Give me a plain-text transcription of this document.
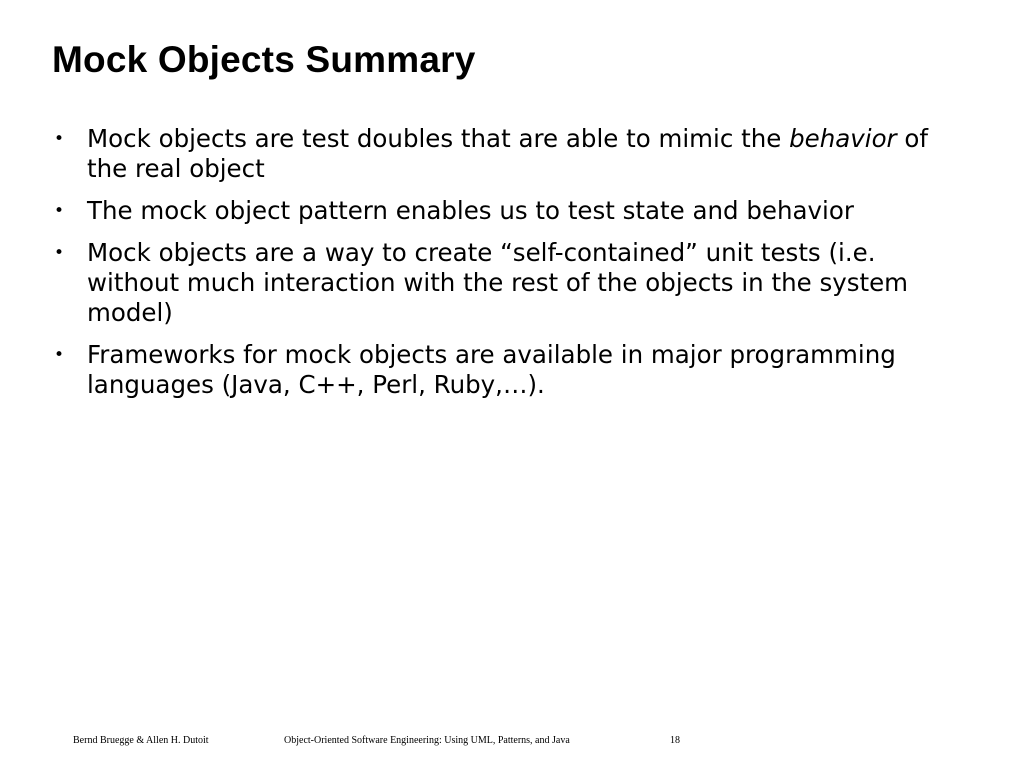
Mock Objects Summary
• Mock objects are test doubles that are able to mimic the behavior of the real object
• The mock object pattern enables us to test state and behavior
• Mock objects are a way to create “self-contained” unit tests (i.e. without much interaction with the rest of the objects in the system model)
• Frameworks for mock objects are available in major programming languages (Java, C++, Perl, Ruby,…).
Bernd Bruegge & Allen H. Dutoit	Object-Oriented Software Engineering: Using UML, Patterns, and Java	18
